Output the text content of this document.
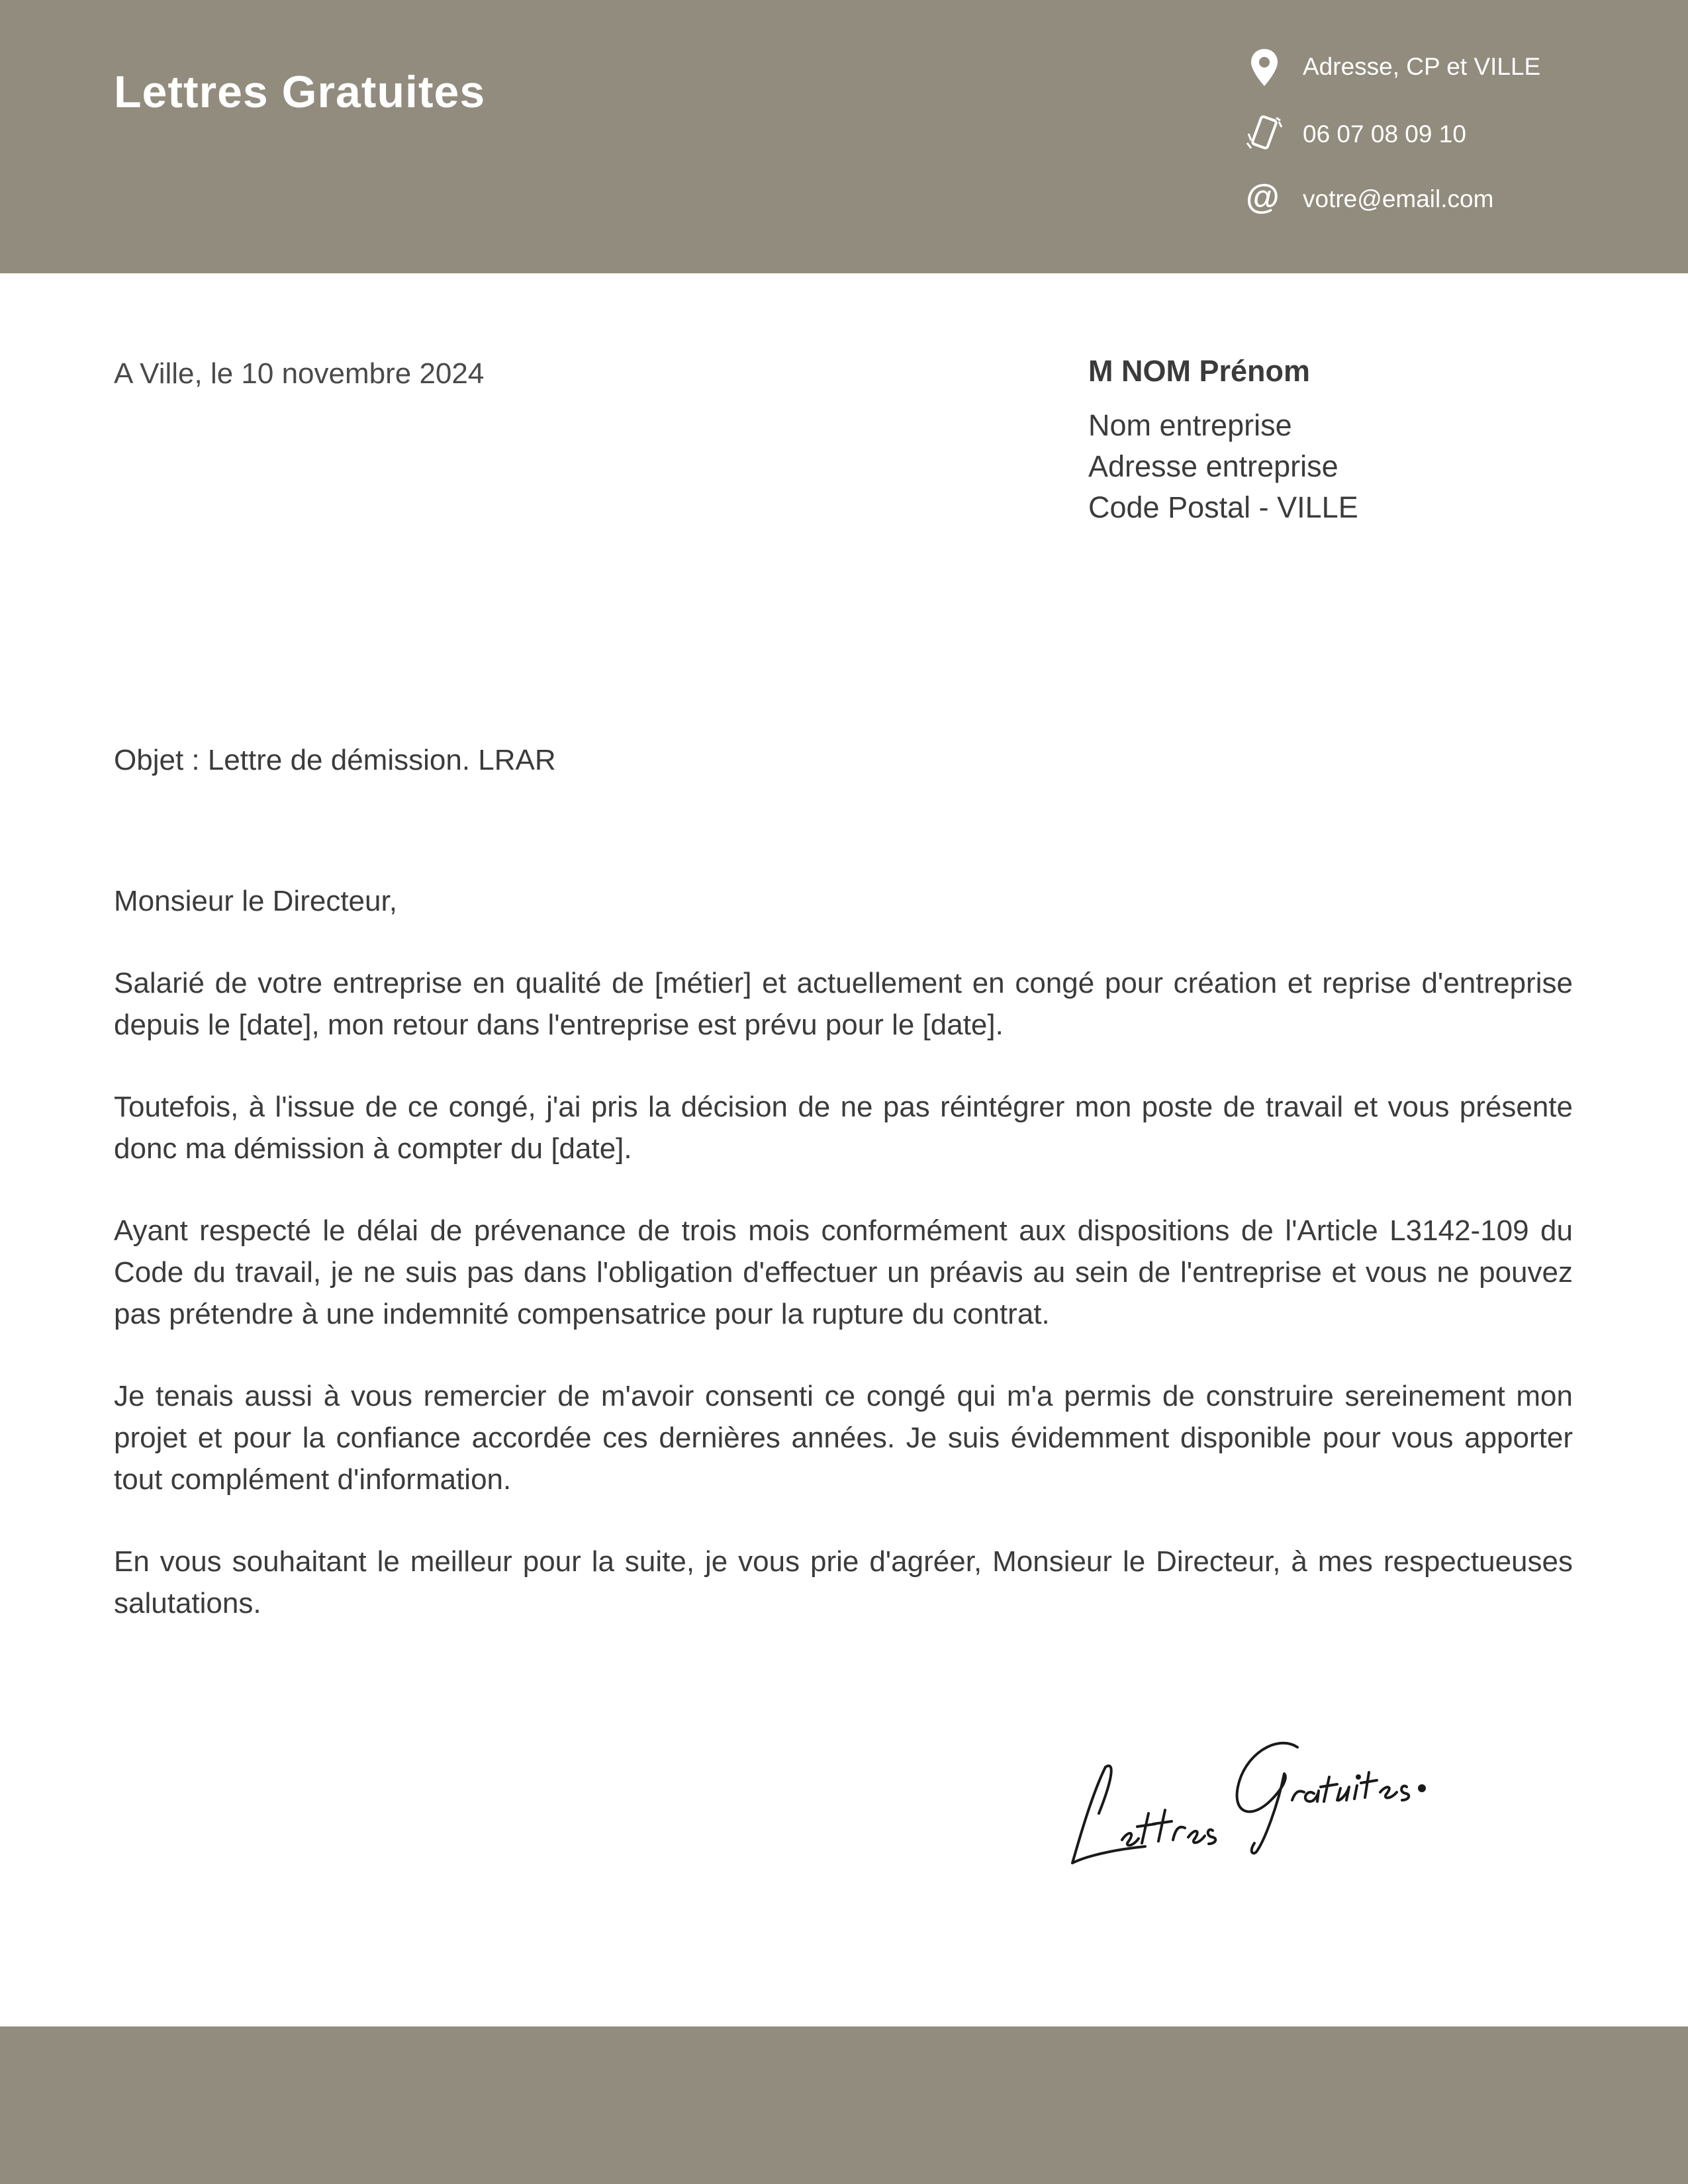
Lettres Gratuites
Adresse, CP et VILLE
06 07 08 09 10
@ votre@email.com
A Ville, le 10 novembre 2024	M NOM Prénom
Nom entreprise
Adresse entreprise
Code Postal - VILLE
Objet : Lettre de démission. LRAR

Monsieur le Directeur,

Salarié de votre entreprise en qualité de [métier] et actuellement en congé pour création et reprise d'entreprise depuis le [date], mon retour dans l'entreprise est prévu pour le [date].

Toutefois, à l'issue de ce congé, j'ai pris la décision de ne pas réintégrer mon poste de travail et vous présente donc ma démission à compter du [date].

Ayant respecté le délai de prévenance de trois mois conformément aux dispositions de l'Article L3142-109 du Code du travail, je ne suis pas dans l'obligation d'effectuer un préavis au sein de l'entreprise et vous ne pouvez pas prétendre à une indemnité compensatrice pour la rupture du contrat.

Je tenais aussi à vous remercier de m'avoir consenti ce congé qui m'a permis de construire sereinement mon projet et pour la confiance accordée ces dernières années. Je suis évidemment disponible pour vous apporter tout complément d'information.

En vous souhaitant le meilleur pour la suite, je vous prie d'agréer, Monsieur le Directeur, à mes respectueuses salutations.
